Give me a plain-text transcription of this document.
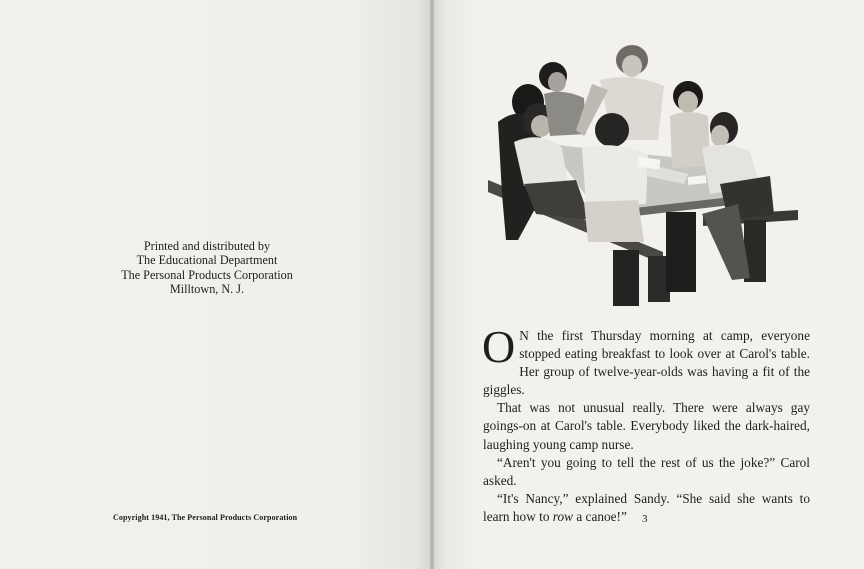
Printed and distributed by
The Educational Department
The Personal Products Corporation
Milltown, N. J.
Copyright 1941, The Personal Products Corporation
O N the first Thursday morning at camp, everyone stopped eating breakfast to look over at Carol's table. Her group of twelve-year-olds was having a fit of the giggles.
That was not unusual really. There were always gay goings-on at Carol's table. Everybody liked the dark-haired, laughing young camp nurse.
“Aren't you going to tell the rest of us the joke?” Carol asked.
“It's Nancy,” explained Sandy. “She said she wants to learn how to row a canoe!”	3
